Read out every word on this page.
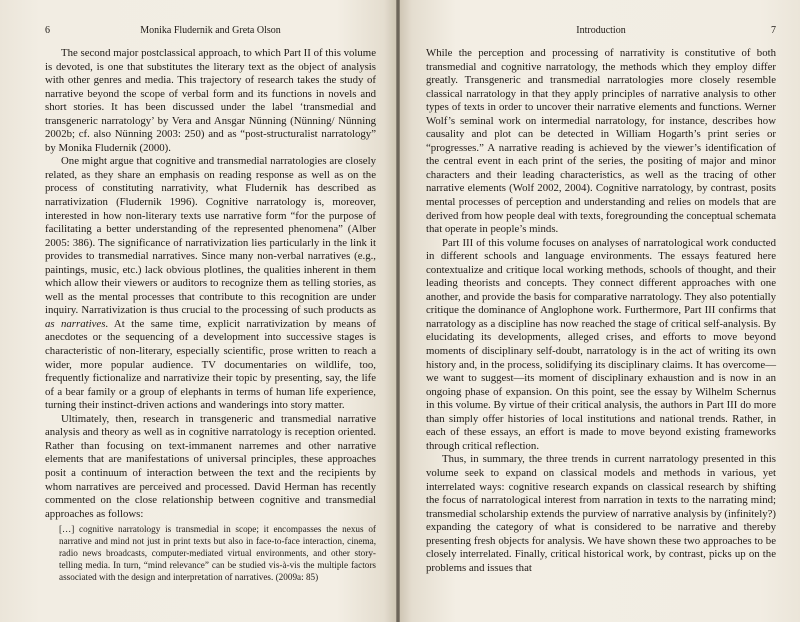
6	Monika Fludernik and Greta Olson

The second major postclassical approach, to which Part II of this volume is devoted, is one that substitutes the literary text as the object of analysis with other genres and media. This trajectory of research takes the study of narrative beyond the scope of verbal form and its functions in novels and short stories. It has been discussed under the label ‘transmedial and transgeneric narratology’ by Vera and Ansgar Nünning (Nünning/ Nünning 2002b; cf. also Nünning 2003: 250) and as “post-structuralist narratology” by Monika Fludernik (2000).

One might argue that cognitive and transmedial narratologies are closely related, as they share an emphasis on reading response as well as on the process of constituting narrativity, what Fludernik has described as narrativization (Fludernik 1996). Cognitive narratology is, moreover, interested in how non-literary texts use narrative form “for the purpose of facilitating a better understanding of the represented phenomena” (Alber 2005: 386). The significance of narrativization lies particularly in the link it provides to transmedial narratives. Since many non-verbal narratives (e.g., paintings, music, etc.) lack obvious plotlines, the qualities inherent in them which allow their viewers or auditors to recognize them as telling stories, as well as the mental processes that contribute to this recognition are under inquiry. Narrativization is thus crucial to the processing of such products as as narratives. At the same time, explicit narrativization by means of anecdotes or the sequencing of a development into successive stages is characteristic of non-literary, especially scientific, prose written to reach a wider, more popular audience. TV documentaries on wildlife, too, frequently fictionalize and narrativize their topic by presenting, say, the life of a bear family or a group of elephants in terms of human life experience, turning their instinct-driven actions and wanderings into story matter.

Ultimately, then, research in transgeneric and transmedial narrative analysis and theory as well as in cognitive narratology is reception oriented. Rather than focusing on text-immanent narremes and other narrative elements that are manifestations of universal principles, these approaches posit a continuum of interaction between the text and the recipients by whom narratives are perceived and processed. David Herman has recently commented on the close relationship between cognitive and transmedial approaches as follows:

[…] cognitive narratology is transmedial in scope; it encompasses the nexus of narrative and mind not just in print texts but also in face-to-face interaction, cinema, radio news broadcasts, computer-mediated virtual environments, and other story-telling media. In turn, “mind relevance” can be studied vis-à-vis the multiple factors associated with the design and interpretation of narratives. (2009a: 85)
Introduction	7

While the perception and processing of narrativity is constitutive of both transmedial and cognitive narratology, the methods which they employ differ greatly. Transgeneric and transmedial narratologies more closely resemble classical narratology in that they apply principles of narrative analysis to other types of texts in order to uncover their narrative elements and functions. Werner Wolf’s seminal work on intermedial narratology, for instance, describes how causality and plot can be detected in William Hogarth’s print series or “progresses.” A narrative reading is achieved by the viewer’s identification of the central event in each print of the series, the positing of major and minor characters and their leading characteristics, as well as the tracing of other narrative elements (Wolf 2002, 2004). Cognitive narratology, by contrast, posits mental processes of perception and understanding and relies on models that are derived from how people deal with texts, foregrounding the conceptual schemata that operate in people’s minds.

Part III of this volume focuses on analyses of narratological work conducted in different schools and language environments. The essays featured here contextualize and critique local working methods, schools of thought, and their leading theorists and concepts. They connect different approaches with one another, and provide the basis for comparative narratology. They also potentially critique the dominance of Anglophone work. Furthermore, Part III confirms that narratology as a discipline has now reached the stage of critical self-analysis. By elucidating its developments, alleged crises, and efforts to move beyond moments of disciplinary self-doubt, narratology is in the act of writing its own history and, in the process, solidifying its disciplinary claims. It has overcome—we want to suggest—its moment of disciplinary exhaustion and is now in an ongoing phase of expansion. On this point, see the essay by Wilhelm Schernus in this volume. By virtue of their critical analysis, the authors in Part III do more than simply offer histories of local institutions and national trends. Rather, in each of these essays, an effort is made to move beyond existing frameworks through critical reflection.

Thus, in summary, the three trends in current narratology presented in this volume seek to expand on classical models and methods in various, yet interrelated ways: cognitive research expands on classical research by shifting the focus of narratological interest from narration in texts to the narrating mind; transmedial scholarship extends the purview of narrative analysis by (infinitely?) expanding the category of what is considered to be narrative and thereby presenting fresh objects for analysis. We have shown these two approaches to be closely interrelated. Finally, critical historical work, by contrast, picks up on the problems and issues that
